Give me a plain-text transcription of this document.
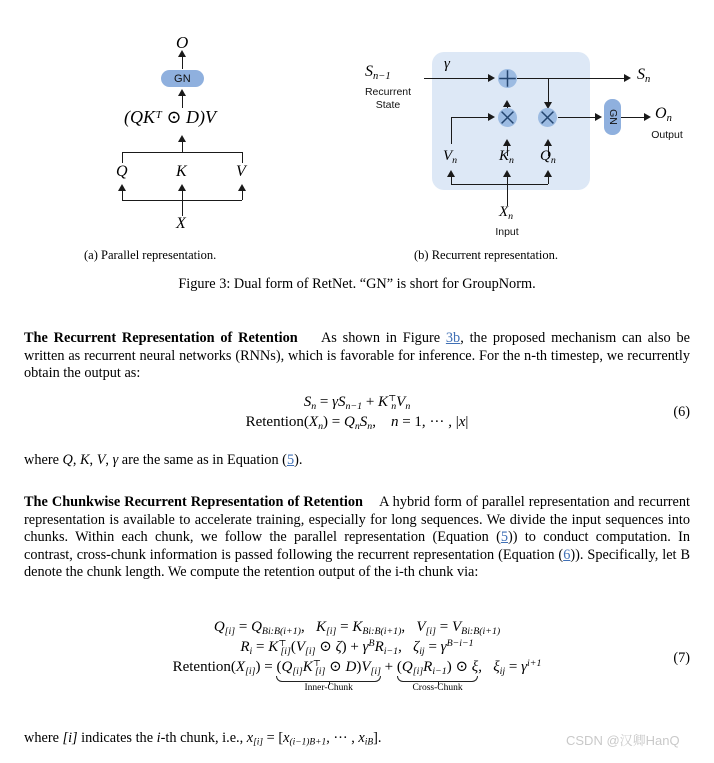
O
GN
(QKᵀ ⊙ D)V
Q	K	V
X
(a) Parallel representation.
γ
$S_{n-1}$
Recurrent
State
$S_n$
$V_n$	$K_n$ $Q_n$
$X_n$
Input
GN $O_n$
Output
(b) Recurrent representation.
Figure 3: Dual form of RetNet. “GN” is short for GroupNorm.
The Recurrent Representation of Retention As shown in Figure 3b, the proposed mechanism can also be written as recurrent neural networks (RNNs), which is favorable for inference. For the n-th timestep, we recurrently obtain the output as:
$S_n = \gamma S_{n-1} + K^⊤_nV_n$
$Retention(X_n) = Q_nS_n$, n = 1, ··· , |x|
(6)
where Q, K, V, γ are the same as in Equation (5).
The Chunkwise Recurrent Representation of Retention A hybrid form of parallel representation and recurrent representation is available to accelerate training, especially for long sequences. We divide the input sequences into chunks. Within each chunk, we follow the parallel representation (Equation (5)) to conduct computation. In contrast, cross-chunk information is passed following the recurrent representation (Equation (6)). Specifically, let B denote the chunk length. We compute the retention output of the i-th chunk via:
$Q_{[i]} = Q_{Bi:B(i+1)}$, $K_{[i]} = K_{Bi:B(i+1)}$, $V_{[i]} = V_{Bi:B(i+1)}$
$R_i = K^⊤_{[i]}(V_{[i]}$ ⊙ $\zeta) + \gamma^BR_{i-1}$, $\zeta_{ij} = \gamma^{B-i-1}$
$Retention(X_{[i]}) = (Q_{[i]}K^⊤_{[i]}$ ⊙ $D)V_{[i]}$
Inner-Chunk
+ $(Q_{[i]}R_{i-1})$ ⊙ ξ
Cross-Chunk
, $\xi_{ij} = \gamma^{i+1}$	(7)
where [i] indicates the i-th chunk, i.e., $x_{[i]} = [x_{(i-1)B+1}$, ··· , $x_{iB}$].	CSDN @汉卿HanQ
